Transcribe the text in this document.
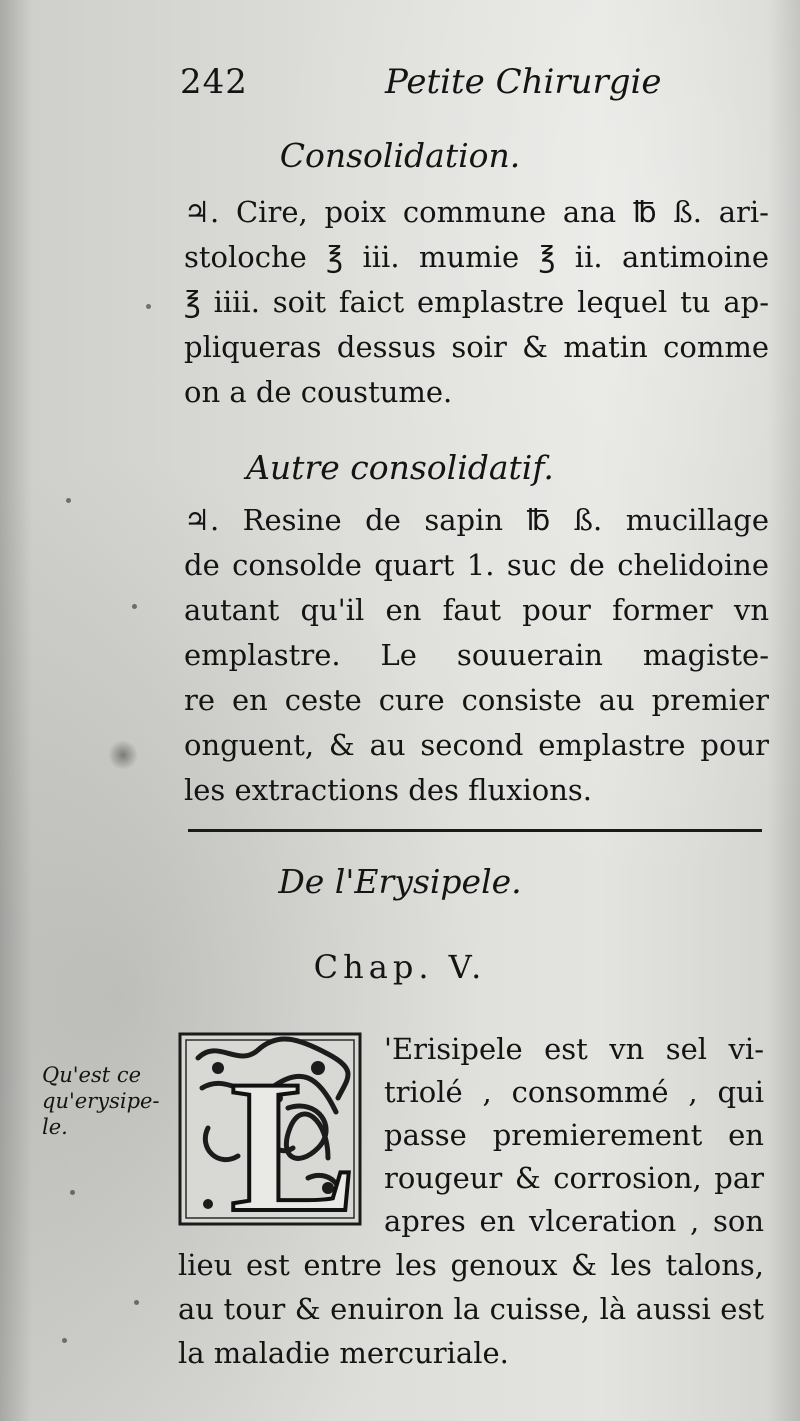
242	Petite Chirurgie
Consolidation.
♃. Cire, poix commune ana ℔ ß. ari-
stoloche ℥ iii. mumie ℥ ii. antimoine
℥ iiii. soit faict emplastre lequel tu ap-
pliqueras dessus soir & matin comme
on a de coustume.
Autre consolidatif.
♃. Resine de sapin ℔ ß. mucillage
de consolde quart 1. suc de chelidoine
autant qu'il en faut pour former vn
emplastre. Le souuerain magiste-
re en ceste cure consiste au premier
onguent, & au second emplastre pour
les extractions des fluxions.
De l'Erysipele.
Chap. V.
Qu'est ce
qu'erysipe-
le. L 'Erisipele est vn sel vi-
triolé , consommé , qui
passe premierement en
rougeur & corrosion, par
apres en vlceration , son
lieu est entre les genoux & les talons,
au tour & enuiron la cuisse, là aussi est
la maladie mercuriale.
